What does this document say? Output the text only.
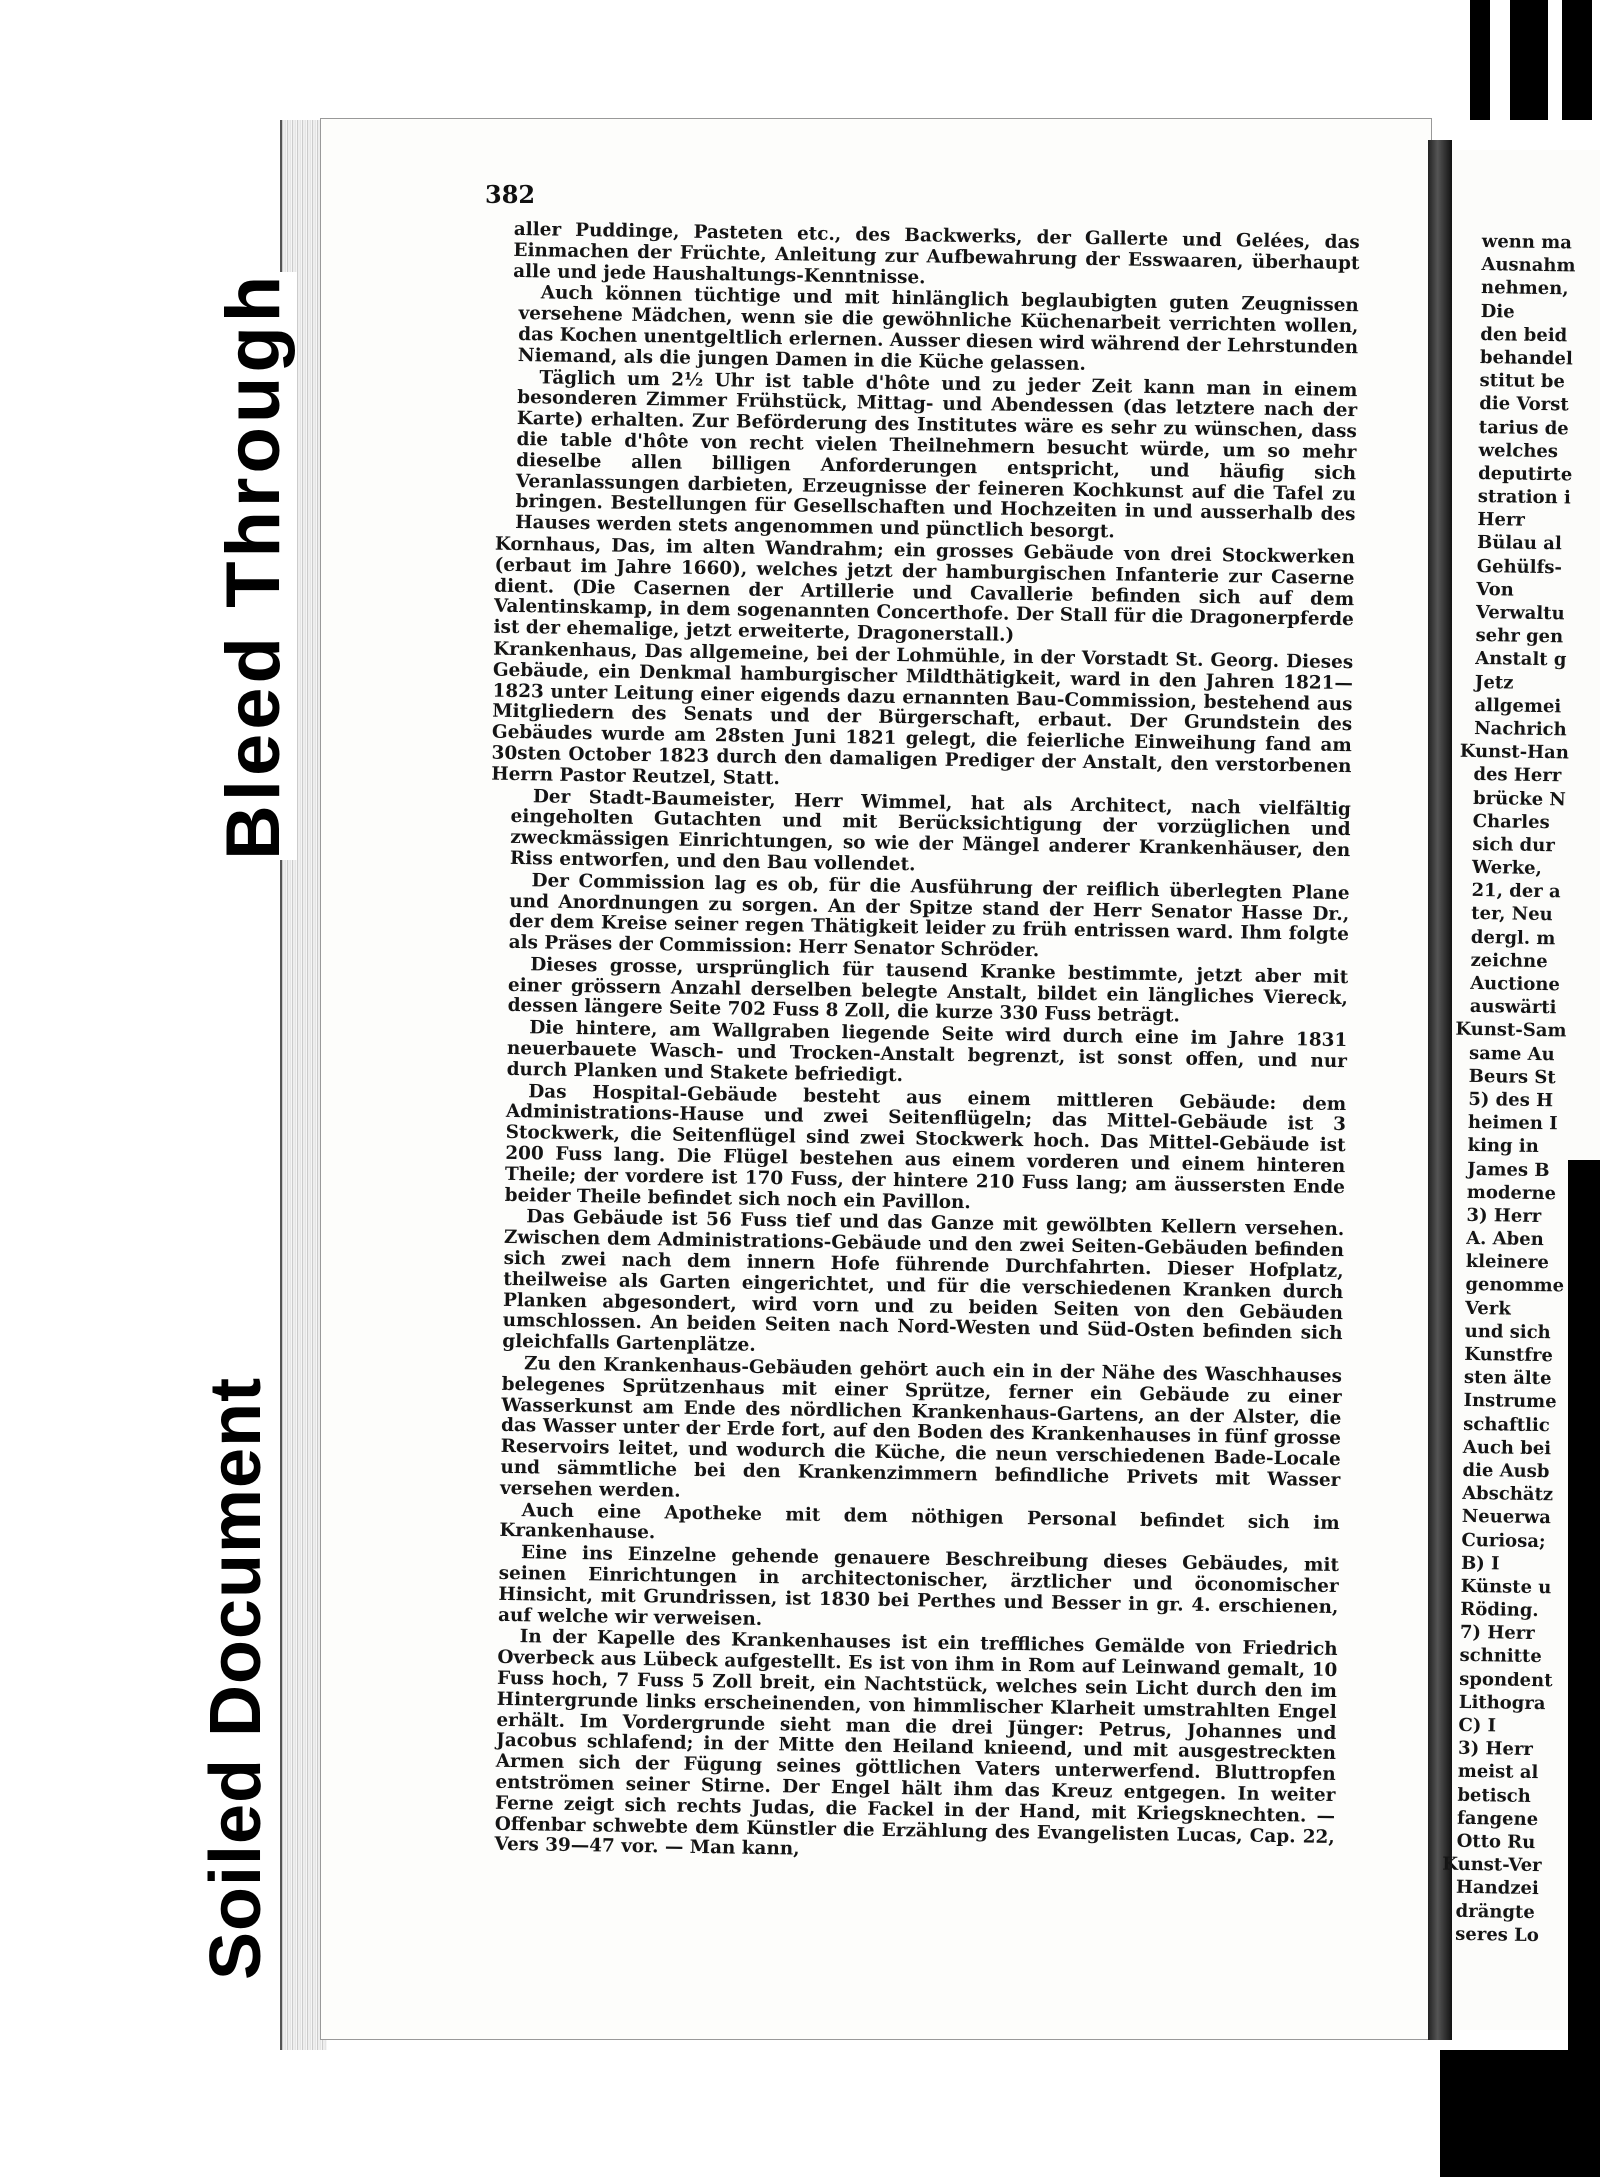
Bleed Through
Soiled Document
382

aller Puddinge, Pasteten etc., des Backwerks, der Gallerte und Gelées, das Einmachen der Früchte, Anleitung zur Aufbewahrung der Esswaaren, überhaupt alle und jede Haushaltungs-Kenntnisse.

Auch können tüchtige und mit hinlänglich beglaubigten guten Zeugnissen versehene Mädchen, wenn sie die gewöhnliche Küchenarbeit verrichten wollen, das Kochen unentgeltlich erlernen. Ausser diesen wird während der Lehrstunden Niemand, als die jungen Damen in die Küche gelassen.

Täglich um 2½ Uhr ist table d'hôte und zu jeder Zeit kann man in einem besonderen Zimmer Frühstück, Mittag- und Abendessen (das letztere nach der Karte) erhalten. Zur Beförderung des Institutes wäre es sehr zu wünschen, dass die table d'hôte von recht vielen Theilnehmern besucht würde, um so mehr dieselbe allen billigen Anforderungen entspricht, und häufig sich Veranlassungen darbieten, Erzeugnisse der feineren Kochkunst auf die Tafel zu bringen. Bestellungen für Gesellschaften und Hochzeiten in und ausserhalb des Hauses werden stets angenommen und pünctlich besorgt.

Kornhaus, Das, im alten Wandrahm; ein grosses Gebäude von drei Stockwerken (erbaut im Jahre 1660), welches jetzt der hamburgischen Infanterie zur Caserne dient. (Die Casernen der Artillerie und Cavallerie befinden sich auf dem Valentinskamp, in dem sogenannten Concerthofe. Der Stall für die Dragonerpferde ist der ehemalige, jetzt erweiterte, Dragonerstall.)

Krankenhaus, Das allgemeine, bei der Lohmühle, in der Vorstadt St. Georg. Dieses Gebäude, ein Denkmal hamburgischer Mildthätigkeit, ward in den Jahren 1821—1823 unter Leitung einer eigends dazu ernannten Bau-Commission, bestehend aus Mitgliedern des Senats und der Bürgerschaft, erbaut. Der Grundstein des Gebäudes wurde am 28sten Juni 1821 gelegt, die feierliche Einweihung fand am 30sten October 1823 durch den damaligen Prediger der Anstalt, den verstorbenen Herrn Pastor Reutzel, Statt.

Der Stadt-Baumeister, Herr Wimmel, hat als Architect, nach vielfältig eingeholten Gutachten und mit Berücksichtigung der vorzüglichen und zweckmässigen Einrichtungen, so wie der Mängel anderer Krankenhäuser, den Riss entworfen, und den Bau vollendet.

Der Commission lag es ob, für die Ausführung der reiflich überlegten Plane und Anordnungen zu sorgen. An der Spitze stand der Herr Senator Hasse Dr., der dem Kreise seiner regen Thätigkeit leider zu früh entrissen ward. Ihm folgte als Präses der Commission: Herr Senator Schröder.

Dieses grosse, ursprünglich für tausend Kranke bestimmte, jetzt aber mit einer grössern Anzahl derselben belegte Anstalt, bildet ein längliches Viereck, dessen längere Seite 702 Fuss 8 Zoll, die kurze 330 Fuss beträgt.

Die hintere, am Wallgraben liegende Seite wird durch eine im Jahre 1831 neuerbauete Wasch- und Trocken-Anstalt begrenzt, ist sonst offen, und nur durch Planken und Stakete befriedigt.

Das Hospital-Gebäude besteht aus einem mittleren Gebäude: dem Administrations-Hause und zwei Seitenflügeln; das Mittel-Gebäude ist 3 Stockwerk, die Seitenflügel sind zwei Stockwerk hoch. Das Mittel-Gebäude ist 200 Fuss lang. Die Flügel bestehen aus einem vorderen und einem hinteren Theile; der vordere ist 170 Fuss, der hintere 210 Fuss lang; am äussersten Ende beider Theile befindet sich noch ein Pavillon.

Das Gebäude ist 56 Fuss tief und das Ganze mit gewölbten Kellern versehen. Zwischen dem Administrations-Gebäude und den zwei Seiten-Gebäuden befinden sich zwei nach dem innern Hofe führende Durchfahrten. Dieser Hofplatz, theilweise als Garten eingerichtet, und für die verschiedenen Kranken durch Planken abgesondert, wird vorn und zu beiden Seiten von den Gebäuden umschlossen. An beiden Seiten nach Nord-Westen und Süd-Osten befinden sich gleichfalls Gartenplätze.

Zu den Krankenhaus-Gebäuden gehört auch ein in der Nähe des Waschhauses belegenes Sprützenhaus mit einer Sprütze, ferner ein Gebäude zu einer Wasserkunst am Ende des nördlichen Krankenhaus-Gartens, an der Alster, die das Wasser unter der Erde fort, auf den Boden des Krankenhauses in fünf grosse Reservoirs leitet, und wodurch die Küche, die neun verschiedenen Bade-Locale und sämmtliche bei den Krankenzimmern befindliche Privets mit Wasser versehen werden.

Auch eine Apotheke mit dem nöthigen Personal befindet sich im Krankenhause.

Eine ins Einzelne gehende genauere Beschreibung dieses Gebäudes, mit seinen Einrichtungen in architectonischer, ärztlicher und öconomischer Hinsicht, mit Grundrissen, ist 1830 bei Perthes und Besser in gr. 4. erschienen, auf welche wir verweisen.

In der Kapelle des Krankenhauses ist ein treffliches Gemälde von Friedrich Overbeck aus Lübeck aufgestellt. Es ist von ihm in Rom auf Leinwand gemalt, 10 Fuss hoch, 7 Fuss 5 Zoll breit, ein Nachtstück, welches sein Licht durch den im Hintergrunde links erscheinenden, von himmlischer Klarheit umstrahlten Engel erhält. Im Vordergrunde sieht man die drei Jünger: Petrus, Johannes und Jacobus schlafend; in der Mitte den Heiland knieend, und mit ausgestreckten Armen sich der Fügung seines göttlichen Vaters unterwerfend. Bluttropfen entströmen seiner Stirne. Der Engel hält ihm das Kreuz entgegen. In weiter Ferne zeigt sich rechts Judas, die Fackel in der Hand, mit Kriegsknechten. — Offenbar schwebte dem Künstler die Erzählung des Evangelisten Lucas, Cap. 22, Vers 39—47 vor. — Man kann,

wenn ma
Ausnahm
nehmen,
Die
den beid
behandel
stitut be
die Vorst
tarius de
welches
deputirte
stration i
Herr
Bülau al
Gehülfs-
Von
Verwaltu
sehr gen
Anstalt g
Jetz
allgemei
Nachrich
Kunst-Han
des Herr
brücke N
Charles
sich dur
Werke,
21, der a
ter, Neu
dergl. m
zeichne
Auctione
auswärti
Kunst-Sam
same Au
Beurs St
5) des H
heimen I
king in
James B
moderne
3) Herr
A. Aben
kleinere
genomme
Verk
und sich
Kunstfre
sten älte
Instrume
schaftlic
Auch bei
die Ausb
Abschätz
Neuerwa
Curiosa;
B) I
Künste u
Röding.
7) Herr
schnitte
spondent
Lithogra
C) I
3) Herr
meist al
betisch
fangene
Otto Ru
Kunst-Ver
Handzei
drängte
seres Lo
